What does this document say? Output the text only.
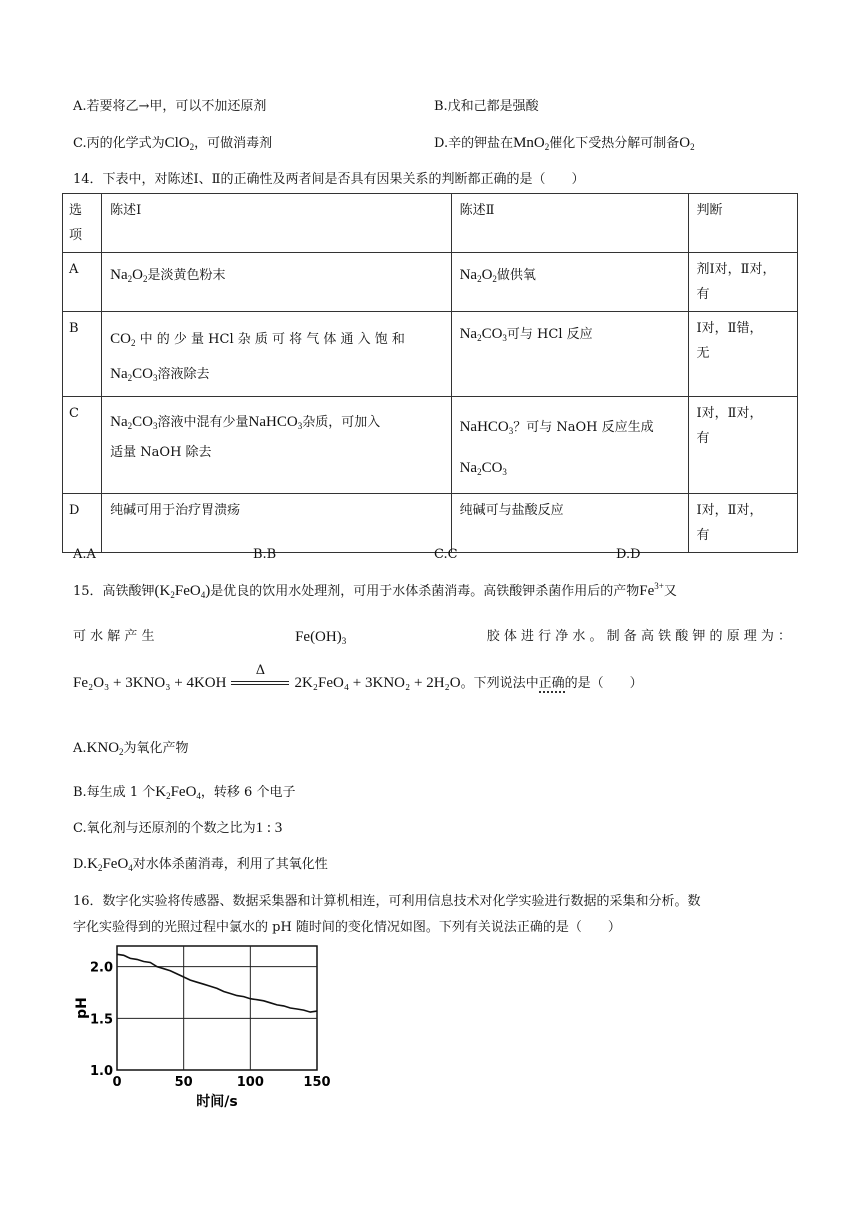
A.若要将乙→甲，可以不加还原剂	B.戊和己都是强酸
C.丙的化学式为ClO$_2$，可做消毒剂	D.辛的钾盐在MnO$_2$催化下受热分解可制备$O_2$
14．下表中，对陈述Ⅰ、Ⅱ的正确性及两者间是否具有因果关系的判断都正确的是（　　）
选
项	陈述Ⅰ	陈述Ⅱ	判断
A	$Na_2O_2$是淡黄色粉末	$Na_2O_2$做供氧	剂Ⅰ对，Ⅱ对，
有
B	$CO_2$ 中 的 少 量 HCl 杂 质 可 将 气 体 通 入 饱 和
$Na_2CO_3$溶液除去	$Na_2CO_3$可与 HCl 反应	Ⅰ对，Ⅱ错，
无
C	$Na_2CO_3$溶液中混有少量NaHCO$_3$杂质，可加入
适量 NaOH 除去	NaHCO$_3$？可与 NaOH 反应生成
$Na_2CO_3$	Ⅰ对，Ⅱ对，
有
D	纯碱可用于治疗胃溃疡	纯碱可与盐酸反应	Ⅰ对，Ⅱ对，
有
A.A	B.B	C.C	D.D
15．高铁酸钾$(K_2FeO_4)$是优良的饮用水处理剂，可用于水体杀菌消毒。高铁酸钾杀菌作用后的产物$Fe^{3+}$又
可 水 解 产 生	$Fe(OH)_3$	胶 体 进 行 净 水 。 制 备 高 铁 酸 钾 的 原 理 为 ：
Fe₂O₃ + 3KNO₃ + 4KOH
Δ
2K₂FeO₄ + 3KNO₂ + 2H₂O。下列说法中正确的是（　　）
$A.KNO_2$为氧化产物
B.每生成 1 个$K_2FeO_4$，转移 6 个电子
C.氧化剂与还原剂的个数之比为1 : 3
$D.K_2FeO_4$对水体杀菌消毒，利用了其氧化性
16．数字化实验将传感器、数据采集器和计算机相连，可利用信息技术对化学实验进行数据的采集和分析。数
字化实验得到的光照过程中氯水的 pH 随时间的变化情况如图。下列有关说法正确的是（　　）
0	50	100	150
1.0
1.5
2.0
时间/s
pH
